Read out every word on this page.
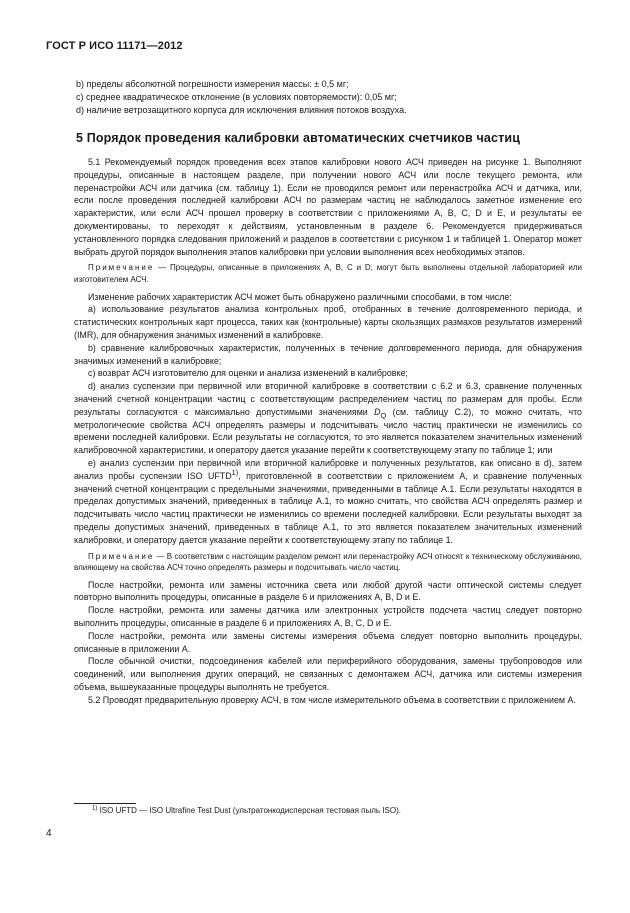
ГОСТ Р ИСО 11171—2012
b) пределы абсолютной погрешности измерения массы: ± 0,5 мг;
c) среднее квадратическое отклонение (в условиях повторяемости): 0,05 мг;
d) наличие ветрозащитного корпуса для исключения влияния потоков воздуха.
5 Порядок проведения калибровки автоматических счетчиков частиц

5.1 Рекомендуемый порядок проведения всех этапов калибровки нового АСЧ приведен на рисунке 1. Выполняют процедуры, описанные в настоящем разделе, при получении нового АСЧ или после текущего ремонта, или перенастройки АСЧ или датчика (см. таблицу 1). Если не проводился ремонт или перенастройка АСЧ и датчика, или, если после проведения последней калибровки АСЧ по размерам частиц не наблюдалось заметное изменение его характеристик, или если АСЧ прошел проверку в соответствии с приложениями A, B, C, D и E, и результаты ее документированы, то переходят к действиям, установленным в разделе 6. Рекомендуется придерживаться установленного порядка следования приложений и разделов в соответствии с рисунком 1 и таблицей 1. Оператор может выбрать другой порядок выполнения этапов калибровки при условии выполнения всех необходимых этапов.

Примечание — Процедуры, описанные в приложениях A, B, C и D, могут быть выполнены отдельной лабораторией или изготовителем АСЧ.

Изменение рабочих характеристик АСЧ может быть обнаружено различными способами, в том числе:

a) использование результатов анализа контрольных проб, отобранных в течение долговременного периода, и статистических контрольных карт процесса, таких как (контрольные) карты скользящих размахов результатов измерений (IMR), для обнаружения значимых изменений в калибровке.

b) сравнение калибровочных характеристик, полученных в течение долговременного периода, для обнаружения значимых изменений в калибровке;

c) возврат АСЧ изготовителю для оценки и анализа изменений в калибровке;

d) анализ суспензии при первичной или вторичной калибровке в соответствии с 6.2 и 6.3, сравнение полученных значений счетной концентрации частиц с соответствующим распределением частиц по размерам для пробы. Если результаты согласуются с максимально допустимыми значениями $D_Q$ (см. таблицу C.2), то можно считать, что метрологические свойства АСЧ определять размеры и подсчитывать число частиц практически не изменились со времени последней калибровки. Если результаты не согласуются, то это является показателем значительных изменений калибровочной характеристики, и оператору дается указание перейти к соответствующему этапу по таблице 1; или

e) анализ суспензии при первичной или вторичной калибровке и полученных результатов, как описано в d), затем анализ пробы суспензии ISO UFTD$^{1)}$, приготовленной в соответствии с приложением A, и сравнение полученных значений счетной концентрации с предельными значениями, приведенными в таблице A.1. Если результаты находятся в пределах допустимых значений, приведенных в таблице A.1, то можно считать, что свойства АСЧ определять размер и подсчитывать число частиц практически не изменились со времени последней калибровки. Если результаты выходят за пределы допустимых значений, приведенных в таблице A.1, то это является показателем значительных изменений калибровки, и оператору дается указание перейти к соответствующему этапу по таблице 1.

Примечание — В соответствии с настоящим разделом ремонт или перенастройку АСЧ относят к техническому обслуживанию, влияющему на свойства АСЧ точно определять размеры и подсчитывать число частиц.

После настройки, ремонта или замены источника света или любой другой части оптической системы следует повторно выполнить процедуры, описанные в разделе 6 и приложениях A, B, D и E.

После настройки, ремонта или замены датчика или электронных устройств подсчета частиц следует повторно выполнить процедуры, описанные в разделе 6 и приложениях A, B, C, D и E.

После настройки, ремонта или замены системы измерения объема следует повторно выполнить процедуры, описанные в приложении A.

После обычной очистки, подсоединения кабелей или периферийного оборудования, замены трубопроводов или соединений, или выполнения других операций, не связанных с демонтажем АСЧ, датчика или системы измерения объема, вышеуказанные процедуры выполнять не требуется.

5.2 Проводят предварительную проверку АСЧ, в том числе измерительного объема в соответствии с приложением A.

$^{1)}$ ISO UFTD — ISO Ultrafine Test Dust (ультратонкодисперсная тестовая пыль ISO).
4
